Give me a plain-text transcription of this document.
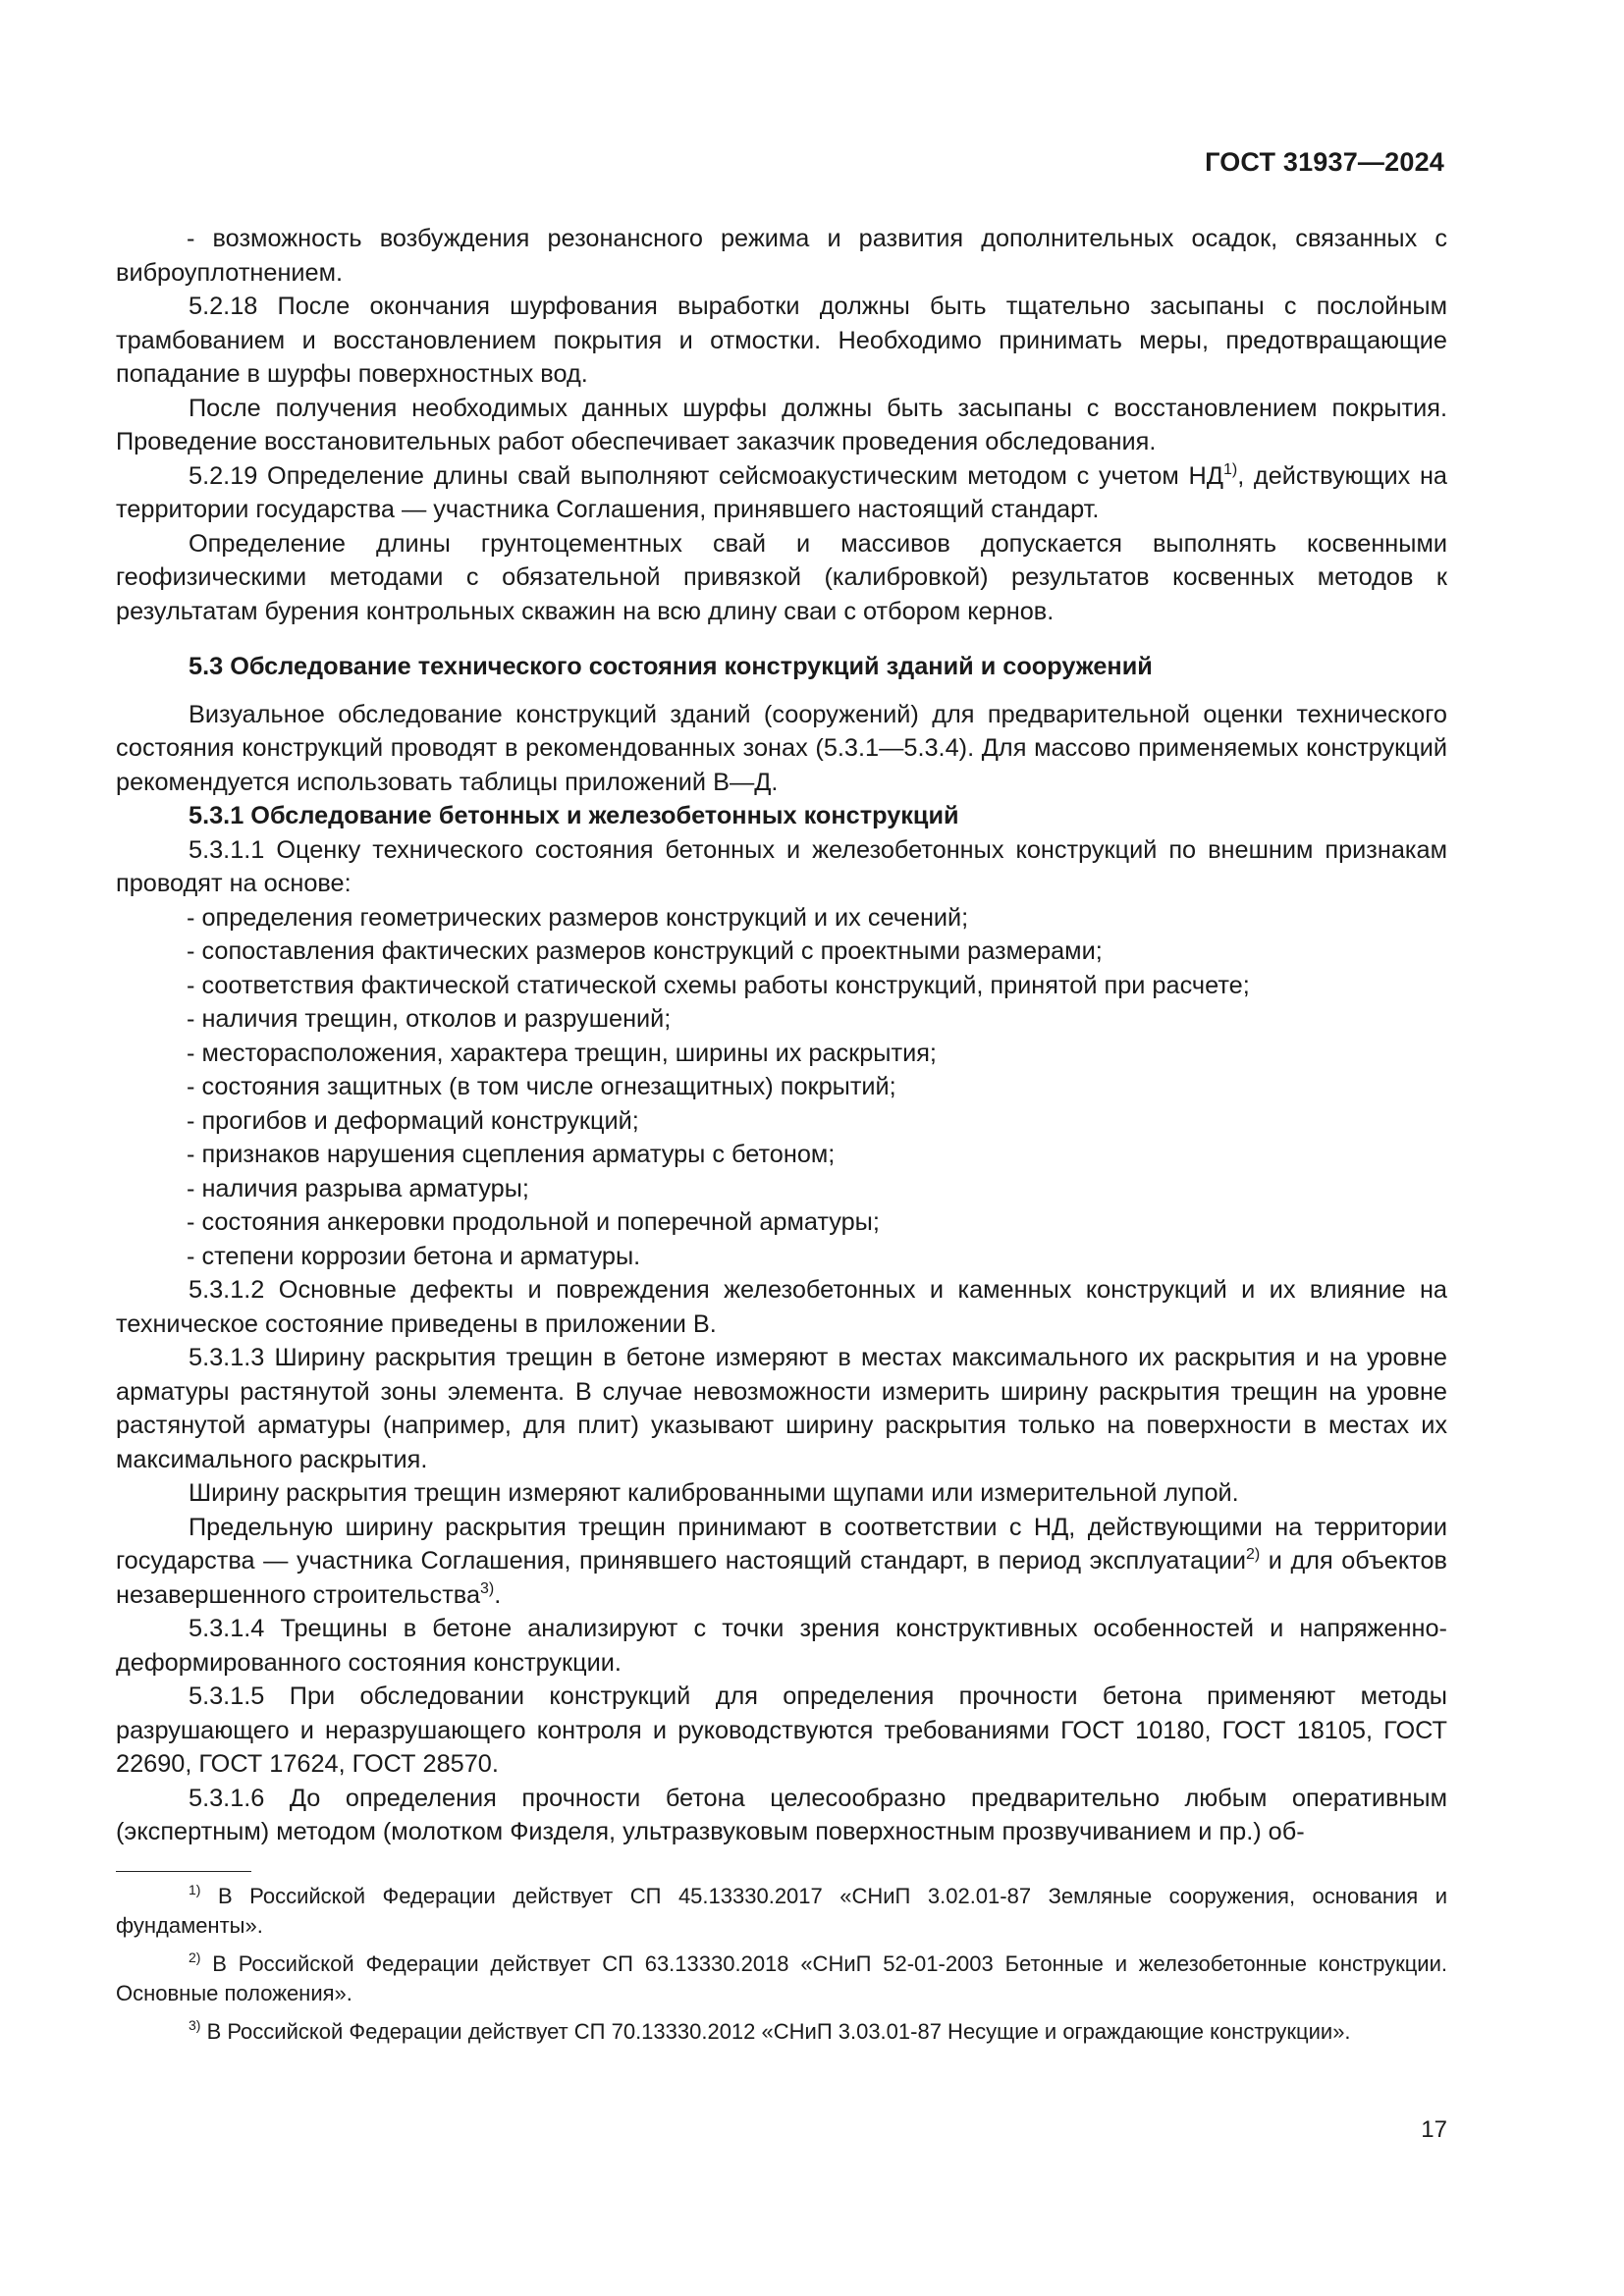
ГОСТ 31937—2024

- возможность возбуждения резонансного режима и развития дополнительных осадок, связанных с виброуплотнением.

5.2.18 После окончания шурфования выработки должны быть тщательно засыпаны с послойным трамбованием и восстановлением покрытия и отмостки. Необходимо принимать меры, предотвращающие попадание в шурфы поверхностных вод.

После получения необходимых данных шурфы должны быть засыпаны с восстановлением покрытия. Проведение восстановительных работ обеспечивает заказчик проведения обследования.

5.2.19 Определение длины свай выполняют сейсмоакустическим методом с учетом НД$^{1)}$, действующих на территории государства — участника Соглашения, принявшего настоящий стандарт.

Определение длины грунтоцементных свай и массивов допускается выполнять косвенными геофизическими методами с обязательной привязкой (калибровкой) результатов косвенных методов к результатам бурения контрольных скважин на всю длину сваи с отбором кернов.

5.3 Обследование технического состояния конструкций зданий и сооружений

Визуальное обследование конструкций зданий (сооружений) для предварительной оценки технического состояния конструкций проводят в рекомендованных зонах (5.3.1—5.3.4). Для массово применяемых конструкций рекомендуется использовать таблицы приложений В—Д.

5.3.1 Обследование бетонных и железобетонных конструкций

5.3.1.1 Оценку технического состояния бетонных и железобетонных конструкций по внешним признакам проводят на основе:

- определения геометрических размеров конструкций и их сечений;

- сопоставления фактических размеров конструкций с проектными размерами;

- соответствия фактической статической схемы работы конструкций, принятой при расчете;

- наличия трещин, отколов и разрушений;

- месторасположения, характера трещин, ширины их раскрытия;

- состояния защитных (в том числе огнезащитных) покрытий;

- прогибов и деформаций конструкций;

- признаков нарушения сцепления арматуры с бетоном;

- наличия разрыва арматуры;

- состояния анкеровки продольной и поперечной арматуры;

- степени коррозии бетона и арматуры.

5.3.1.2 Основные дефекты и повреждения железобетонных и каменных конструкций и их влияние на техническое состояние приведены в приложении В.

5.3.1.3 Ширину раскрытия трещин в бетоне измеряют в местах максимального их раскрытия и на уровне арматуры растянутой зоны элемента. В случае невозможности измерить ширину раскрытия трещин на уровне растянутой арматуры (например, для плит) указывают ширину раскрытия только на поверхности в местах их максимального раскрытия.

Ширину раскрытия трещин измеряют калиброванными щупами или измерительной лупой.

Предельную ширину раскрытия трещин принимают в соответствии с НД, действующими на территории государства — участника Соглашения, принявшего настоящий стандарт, в период эксплуатации$^{2)}$ и для объектов незавершенного строительства$^{3)}$.

5.3.1.4 Трещины в бетоне анализируют с точки зрения конструктивных особенностей и напряженно-деформированного состояния конструкции.

5.3.1.5 При обследовании конструкций для определения прочности бетона применяют методы разрушающего и неразрушающего контроля и руководствуются требованиями ГОСТ 10180, ГОСТ 18105, ГОСТ 22690, ГОСТ 17624, ГОСТ 28570.

5.3.1.6 До определения прочности бетона целесообразно предварительно любым оперативным (экспертным) методом (молотком Физделя, ультразвуковым поверхностным прозвучиванием и пр.) об-

$^{1)}$ В Российской Федерации действует СП 45.13330.2017 «СНиП 3.02.01-87 Земляные сооружения, основания и фундаменты».

$^{2)}$ В Российской Федерации действует СП 63.13330.2018 «СНиП 52-01-2003 Бетонные и железобетонные конструкции. Основные положения».

$^{3)}$ В Российской Федерации действует СП 70.13330.2012 «СНиП 3.03.01-87 Несущие и ограждающие конструкции».

17
